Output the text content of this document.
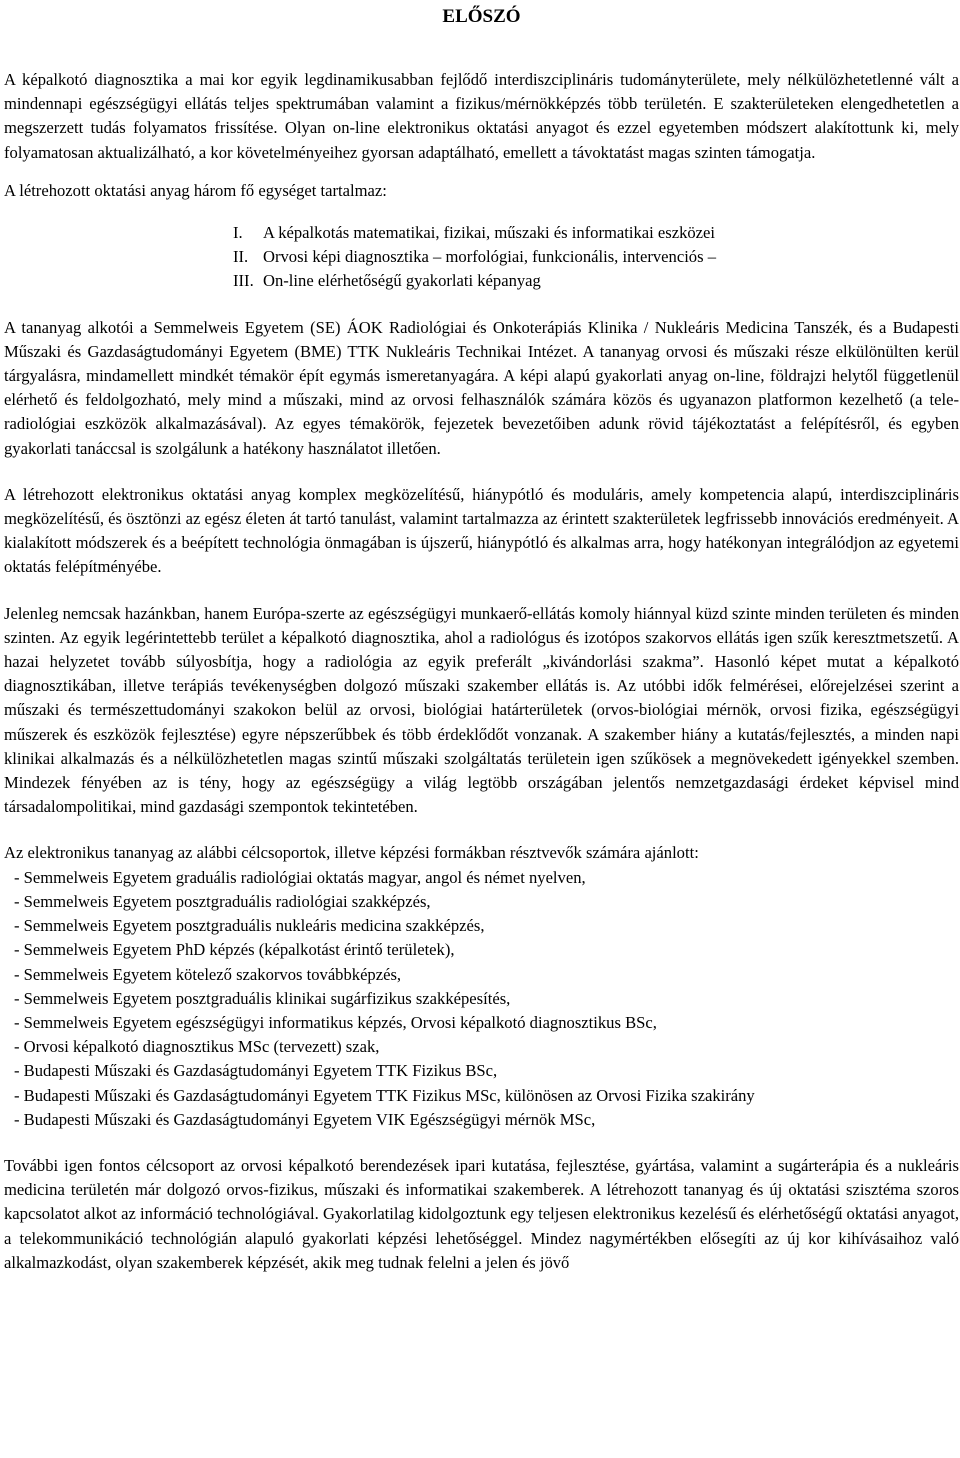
ELŐSZÓ

A képalkotó diagnosztika a mai kor egyik legdinamikusabban fejlődő interdiszciplináris tudományterülete, mely nélkülözhetetlenné vált a mindennapi egészségügyi ellátás teljes spektrumában valamint a fizikus/mérnökképzés több területén. E szakterületeken elengedhetetlen a megszerzett tudás folyamatos frissítése. Olyan on-line elektronikus oktatási anyagot és ezzel egyetemben módszert alakítottunk ki, mely folyamatosan aktualizálható, a kor követelményeihez gyorsan adaptálható, emellett a távoktatást magas szinten támogatja.

A létrehozott oktatási anyag három fő egységet tartalmaz:

I.	A képalkotás matematikai, fizikai, műszaki és informatikai eszközei
II. Orvosi képi diagnosztika – morfológiai, funkcionális, intervenciós –
III. On-line elérhetőségű gyakorlati képanyag

A tananyag alkotói a Semmelweis Egyetem (SE) ÁOK Radiológiai és Onkoterápiás Klinika / Nukleáris Medicina Tanszék, és a Budapesti Műszaki és Gazdaságtudományi Egyetem (BME) TTK Nukleáris Technikai Intézet. A tananyag orvosi és műszaki része elkülönülten kerül tárgyalásra, mindamellett mindkét témakör épít egymás ismeretanyagára. A képi alapú gyakorlati anyag on-line, földrajzi helytől függetlenül elérhető és feldolgozható, mely mind a műszaki, mind az orvosi felhasználók számára közös és ugyanazon platformon kezelhető (a tele-radiológiai eszközök alkalmazásával). Az egyes témakörök, fejezetek bevezetőiben adunk rövid tájékoztatást a felépítésről, és egyben gyakorlati tanáccsal is szolgálunk a hatékony használatot illetően.

A létrehozott elektronikus oktatási anyag komplex megközelítésű, hiánypótló és moduláris, amely kompetencia alapú, interdiszciplináris megközelítésű, és ösztönzi az egész életen át tartó tanulást, valamint tartalmazza az érintett szakterületek legfrissebb innovációs eredményeit. A kialakított módszerek és a beépített technológia önmagában is újszerű, hiánypótló és alkalmas arra, hogy hatékonyan integrálódjon az egyetemi oktatás felépítményébe.

Jelenleg nemcsak hazánkban, hanem Európa-szerte az egészségügyi munkaerő-ellátás komoly hiánnyal küzd szinte minden területen és minden szinten. Az egyik legérintettebb terület a képalkotó diagnosztika, ahol a radiológus és izotópos szakorvos ellátás igen szűk keresztmetszetű. A hazai helyzetet tovább súlyosbítja, hogy a radiológia az egyik preferált „kivándorlási szakma”. Hasonló képet mutat a képalkotó diagnosztikában, illetve terápiás tevékenységben dolgozó műszaki szakember ellátás is. Az utóbbi idők felmérései, előrejelzései szerint a műszaki és természettudományi szakokon belül az orvosi, biológiai határterületek (orvos-biológiai mérnök, orvosi fizika, egészségügyi műszerek és eszközök fejlesztése) egyre népszerűbbek és több érdeklődőt vonzanak. A szakember hiány a kutatás/fejlesztés, a minden napi klinikai alkalmazás és a nélkülözhetetlen magas szintű műszaki szolgáltatás területein igen szűkösek a megnövekedett igényekkel szemben. Mindezek fényében az is tény, hogy az egészségügy a világ legtöbb országában jelentős nemzetgazdasági érdeket képvisel mind társadalompolitikai, mind gazdasági szempontok tekintetében.

Az elektronikus tananyag az alábbi célcsoportok, illetve képzési formákban résztvevők számára ajánlott:

- Semmelweis Egyetem graduális radiológiai oktatás magyar, angol és német nyelven,
- Semmelweis Egyetem posztgraduális radiológiai szakképzés,
- Semmelweis Egyetem posztgraduális nukleáris medicina szakképzés,
- Semmelweis Egyetem PhD képzés (képalkotást érintő területek),
- Semmelweis Egyetem kötelező szakorvos továbbképzés,
- Semmelweis Egyetem posztgraduális klinikai sugárfizikus szakképesítés,
- Semmelweis Egyetem egészségügyi informatikus képzés, Orvosi képalkotó diagnosztikus BSc,
- Orvosi képalkotó diagnosztikus MSc (tervezett) szak,
- Budapesti Műszaki és Gazdaságtudományi Egyetem TTK Fizikus BSc,
- Budapesti Műszaki és Gazdaságtudományi Egyetem TTK Fizikus MSc, különösen az Orvosi Fizika szakirány
- Budapesti Műszaki és Gazdaságtudományi Egyetem VIK Egészségügyi mérnök MSc,

További igen fontos célcsoport az orvosi képalkotó berendezések ipari kutatása, fejlesztése, gyártása, valamint a sugárterápia és a nukleáris medicina területén már dolgozó orvos-fizikus, műszaki és informatikai szakemberek. A létrehozott tananyag és új oktatási szisztéma szoros kapcsolatot alkot az információ technológiával. Gyakorlatilag kidolgoztunk egy teljesen elektronikus kezelésű és elérhetőségű oktatási anyagot, a telekommunikáció technológián alapuló gyakorlati képzési lehetőséggel. Mindez nagymértékben elősegíti az új kor kihívásaihoz való alkalmazkodást, olyan szakemberek képzését, akik meg tudnak felelni a jelen és jövő
